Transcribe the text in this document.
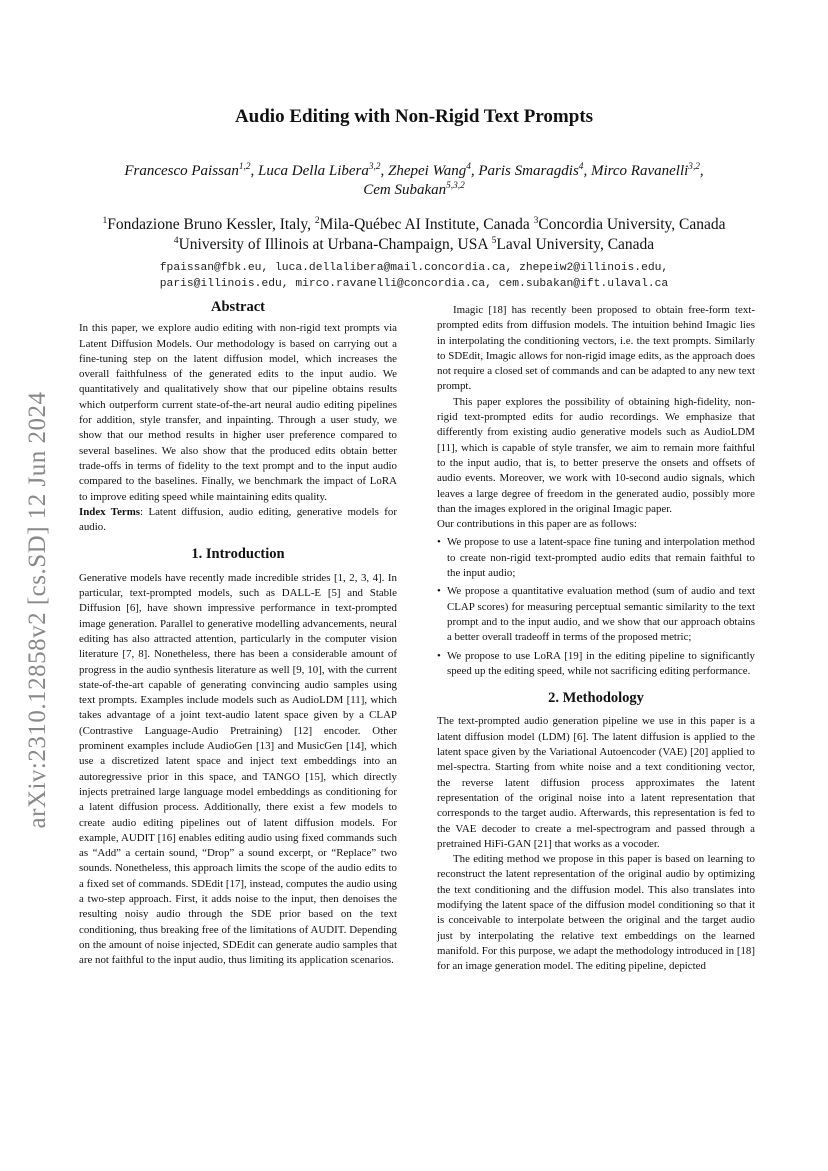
arXiv:2310.12858v2 [cs.SD] 12 Jun 2024
Audio Editing with Non-Rigid Text Prompts
Francesco Paissan$^{1,2}$, Luca Della Libera$^{3,2}$, Zhepei Wang$^4$, Paris Smaragdis$^4$, Mirco Ravanelli$^{3,2}$,
Cem Subakan$^{5,3,2}$
$^1$Fondazione Bruno Kessler, Italy, $^2$Mila-Québec AI Institute, Canada $^3$Concordia University, Canada
$^4$University of Illinois at Urbana-Champaign, USA $^5$Laval University, Canada
fpaissan@fbk.eu, luca.dellalibera@mail.concordia.ca, zhepeiw2@illinois.edu,
paris@illinois.edu, mirco.ravanelli@concordia.ca, cem.subakan@ift.ulaval.ca
Abstract

In this paper, we explore audio editing with non-rigid text prompts via Latent Diffusion Models. Our methodology is based on carrying out a fine-tuning step on the latent diffusion model, which increases the overall faithfulness of the generated edits to the input audio. We quantitatively and qualitatively show that our pipeline obtains results which outperform current state-of-the-art neural audio editing pipelines for addition, style transfer, and inpainting. Through a user study, we show that our method results in higher user preference compared to several baselines. We also show that the produced edits obtain better trade-offs in terms of fidelity to the text prompt and to the input audio compared to the baselines. Finally, we benchmark the impact of LoRA to improve editing speed while maintaining edits quality.

Index Terms: Latent diffusion, audio editing, generative models for audio.

1. Introduction

Generative models have recently made incredible strides [1, 2, 3, 4]. In particular, text-prompted models, such as DALL-E [5] and Stable Diffusion [6], have shown impressive performance in text-prompted image generation. Parallel to generative modelling advancements, neural editing has also attracted attention, particularly in the computer vision literature [7, 8]. Nonetheless, there has been a considerable amount of progress in the audio synthesis literature as well [9, 10], with the current state-of-the-art capable of generating convincing audio samples using text prompts. Examples include models such as AudioLDM [11], which takes advantage of a joint text-audio latent space given by a CLAP (Contrastive Language-Audio Pretraining) [12] encoder. Other prominent examples include AudioGen [13] and MusicGen [14], which use a discretized latent space and inject text embeddings into an autoregressive prior in this space, and TANGO [15], which directly injects pretrained large language model embeddings as conditioning for a latent diffusion process. Additionally, there exist a few models to create audio editing pipelines out of latent diffusion models. For example, AUDIT [16] enables editing audio using fixed commands such as “Add” a certain sound, “Drop” a sound excerpt, or “Replace” two sounds. Nonetheless, this approach limits the scope of the audio edits to a fixed set of commands. SDEdit [17], instead, computes the audio using a two-step approach. First, it adds noise to the input, then denoises the resulting noisy audio through the SDE prior based on the text conditioning, thus breaking free of the limitations of AUDIT. Depending on the amount of noise injected, SDEdit can generate audio samples that are not faithful to the input audio, thus limiting its application scenarios.

Imagic [18] has recently been proposed to obtain free-form text-prompted edits from diffusion models. The intuition behind Imagic lies in interpolating the conditioning vectors, i.e. the text prompts. Similarly to SDEdit, Imagic allows for non-rigid image edits, as the approach does not require a closed set of commands and can be adapted to any new text prompt.

This paper explores the possibility of obtaining high-fidelity, non-rigid text-prompted edits for audio recordings. We emphasize that differently from existing audio generative models such as AudioLDM [11], which is capable of style transfer, we aim to remain more faithful to the input audio, that is, to better preserve the onsets and offsets of audio events. Moreover, we work with 10-second audio signals, which leaves a large degree of freedom in the generated audio, possibly more than the images explored in the original Imagic paper.

Our contributions in this paper are as follows:

• We propose to use a latent-space fine tuning and interpolation method to create non-rigid text-prompted audio edits that remain faithful to the input audio;
• We propose a quantitative evaluation method (sum of audio and text CLAP scores) for measuring perceptual semantic similarity to the text prompt and to the input audio, and we show that our approach obtains a better overall tradeoff in terms of the proposed metric;
• We propose to use LoRA [19] in the editing pipeline to significantly speed up the editing speed, while not sacrificing editing performance.
2. Methodology

The text-prompted audio generation pipeline we use in this paper is a latent diffusion model (LDM) [6]. The latent diffusion is applied to the latent space given by the Variational Autoencoder (VAE) [20] applied to mel-spectra. Starting from white noise and a text conditioning vector, the reverse latent diffusion process approximates the latent representation of the original noise into a latent representation that corresponds to the target audio. Afterwards, this representation is fed to the VAE decoder to create a mel-spectrogram and passed through a pretrained HiFi-GAN [21] that works as a vocoder.

The editing method we propose in this paper is based on learning to reconstruct the latent representation of the original audio by optimizing the text conditioning and the diffusion model. This also translates into modifying the latent space of the diffusion model conditioning so that it is conceivable to interpolate between the original and the target audio just by interpolating the relative text embeddings on the learned manifold. For this purpose, we adapt the methodology introduced in [18] for an image generation model. The editing pipeline, depicted
